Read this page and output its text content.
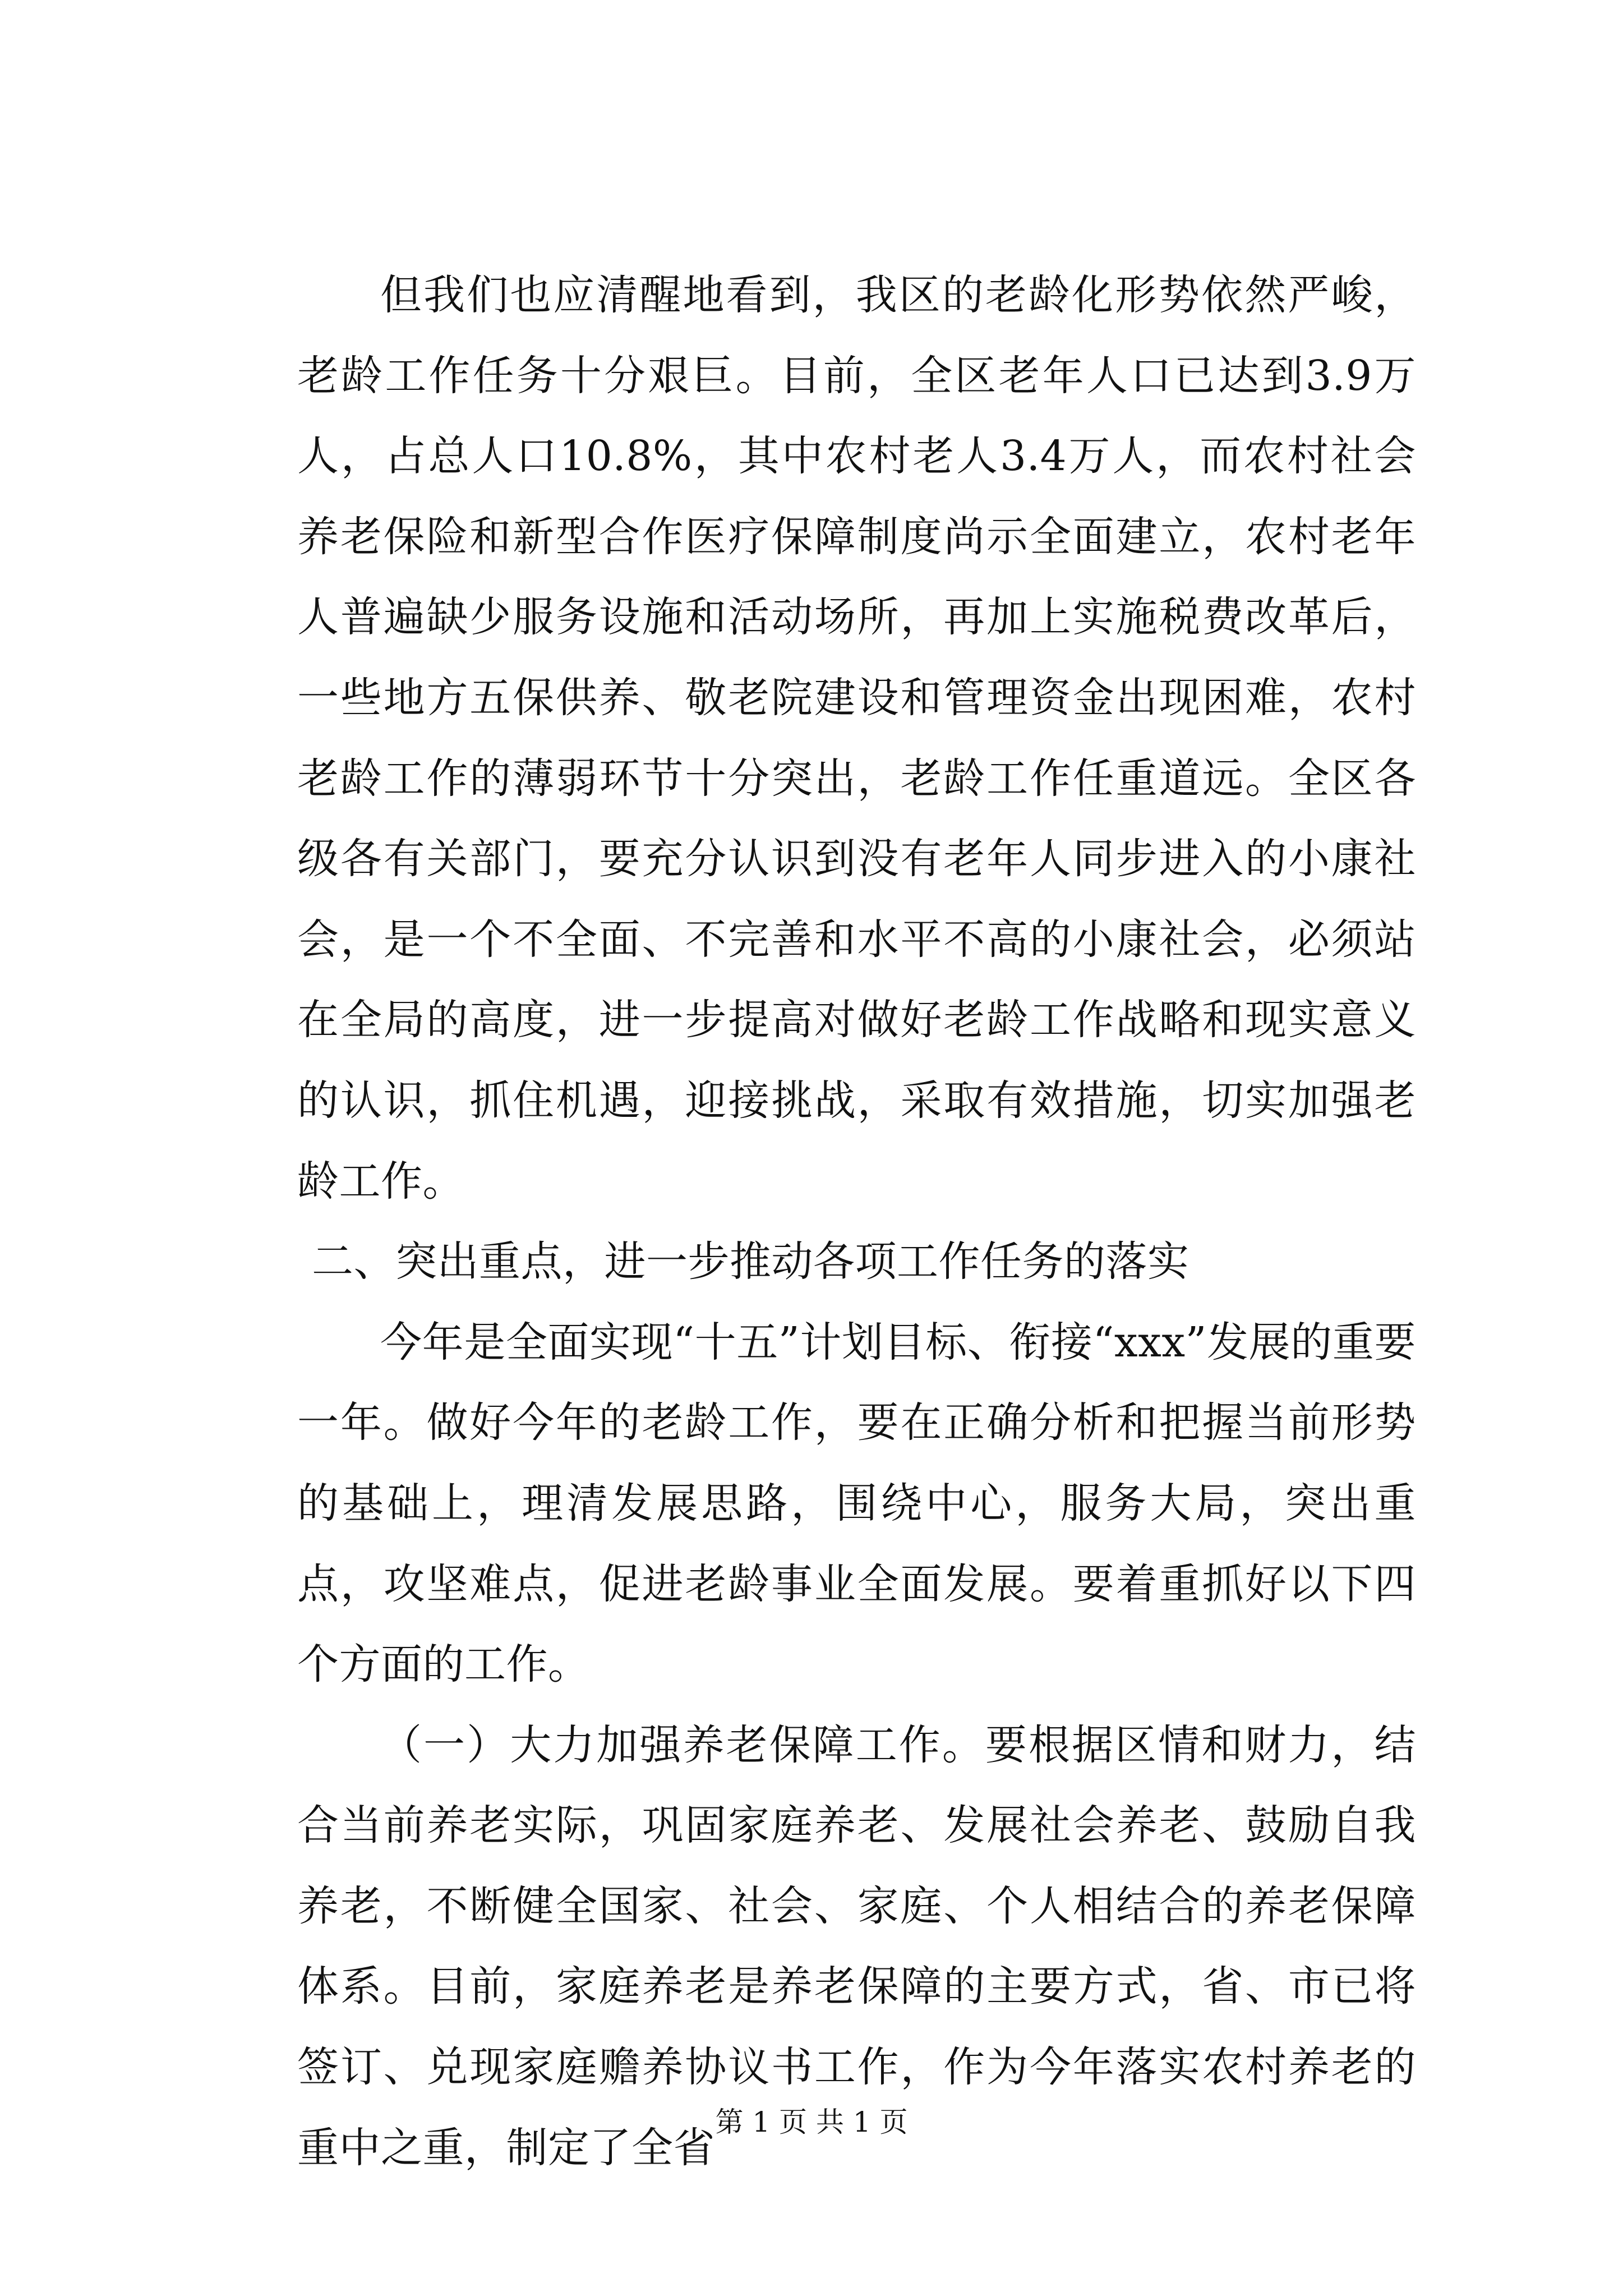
但我们也应清醒地看到，我区的老龄化形势依然严峻，老龄工作任务十分艰巨。目前，全区老年人口已达到3.9万人，占总人口10.8%，其中农村老人3.4万人，而农村社会养老保险和新型合作医疗保障制度尚示全面建立，农村老年人普遍缺少服务设施和活动场所，再加上实施税费改革后，一些地方五保供养、敬老院建设和管理资金出现困难，农村老龄工作的薄弱环节十分突出，老龄工作任重道远。全区各级各有关部门，要充分认识到没有老年人同步进入的小康社会，是一个不全面、不完善和水平不高的小康社会，必须站在全局的高度，进一步提高对做好老龄工作战略和现实意义的认识，抓住机遇，迎接挑战，采取有效措施，切实加强老龄工作。

二、突出重点，进一步推动各项工作任务的落实

今年是全面实现“十五”计划目标、衔接“xxx”发展的重要一年。做好今年的老龄工作，要在正确分析和把握当前形势的基础上，理清发展思路，围绕中心，服务大局，突出重点，攻坚难点，促进老龄事业全面发展。要着重抓好以下四个方面的工作。

（一）大力加强养老保障工作。要根据区情和财力，结合当前养老实际，巩固家庭养老、发展社会养老、鼓励自我养老，不断健全国家、社会、家庭、个人相结合的养老保障体系。目前，家庭养老是养老保障的主要方式，省、市已将签订、兑现家庭赡养协议书工作，作为今年落实农村养老的重中之重，制定了全省

第 1 页 共 1 页
